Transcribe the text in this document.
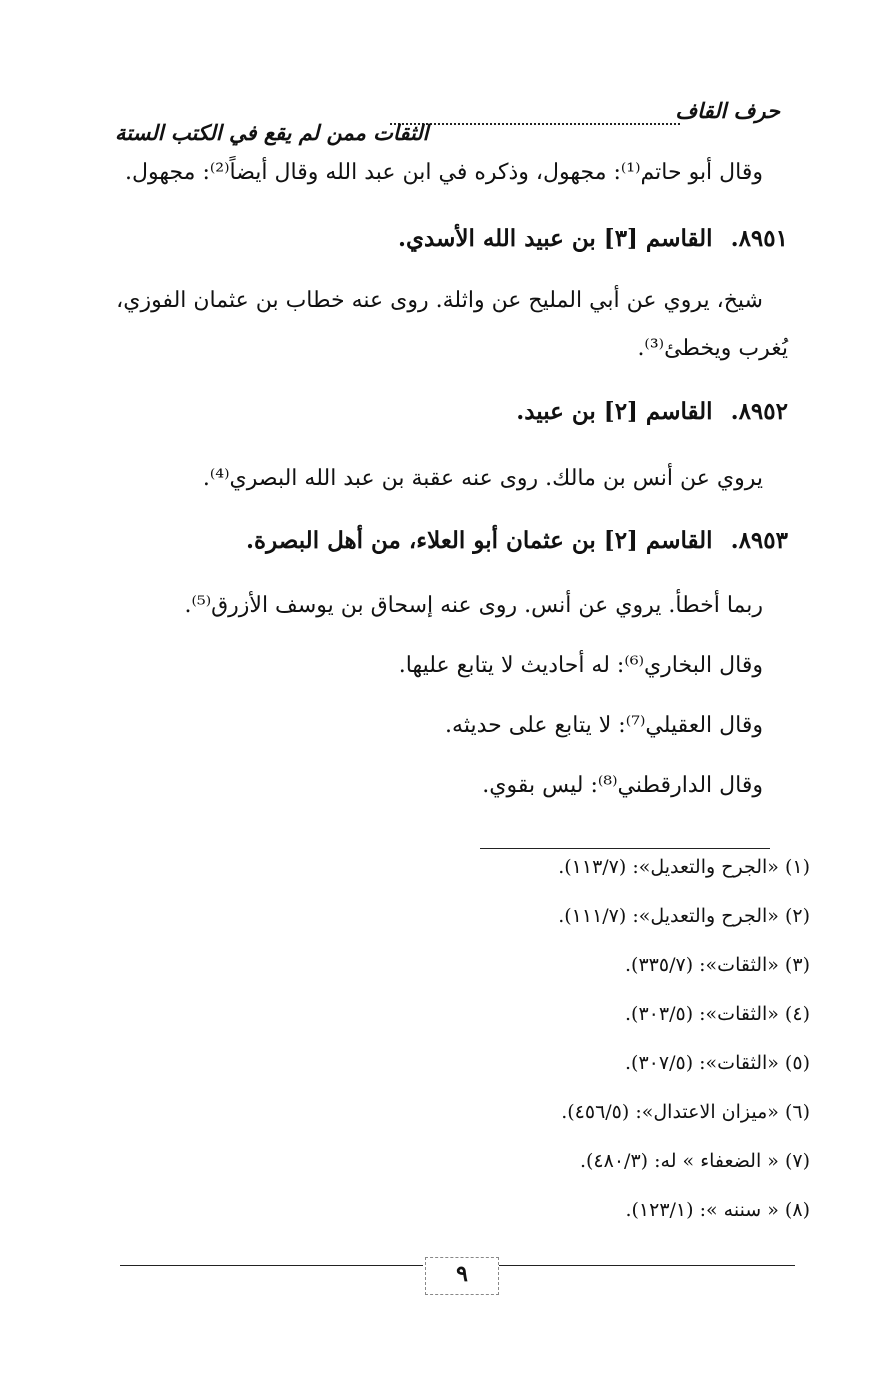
حرف القاف
الثقات ممن لم يقع في الكتب الستة
وقال أبو حاتم⁽¹⁾: مجهول، وذكره في ابن عبد الله وقال أيضاً⁽²⁾: مجهول.
٨٩٥١.القاسم [٣] بن عبيد الله الأسدي.
شيخ، يروي عن أبي المليح عن واثلة. روى عنه خطاب بن عثمان الفوزي،
يُغرب ويخطئ⁽³⁾.
٨٩٥٢.القاسم [٢] بن عبيد.
يروي عن أنس بن مالك. روى عنه عقبة بن عبد الله البصري⁽⁴⁾.
٨٩٥٣.القاسم [٢] بن عثمان أبو العلاء، من أهل البصرة.
ربما أخطأ. يروي عن أنس. روى عنه إسحاق بن يوسف الأزرق⁽⁵⁾.
وقال البخاري⁽⁶⁾: له أحاديث لا يتابع عليها.
وقال العقيلي⁽⁷⁾: لا يتابع على حديثه.
وقال الدارقطني⁽⁸⁾: ليس بقوي.
(١) «الجرح والتعديل»: (١١٣/٧).
(٢) «الجرح والتعديل»: (١١١/٧).
(٣) «الثقات»: (٣٣٥/٧).
(٤) «الثقات»: (٣٠٣/٥).
(٥) «الثقات»: (٣٠٧/٥).
(٦) «ميزان الاعتدال»: (٤٥٦/٥).
(٧) « الضعفاء » له: (٤٨٠/٣).
(٨) « سننه »: (١٢٣/١).
٩
